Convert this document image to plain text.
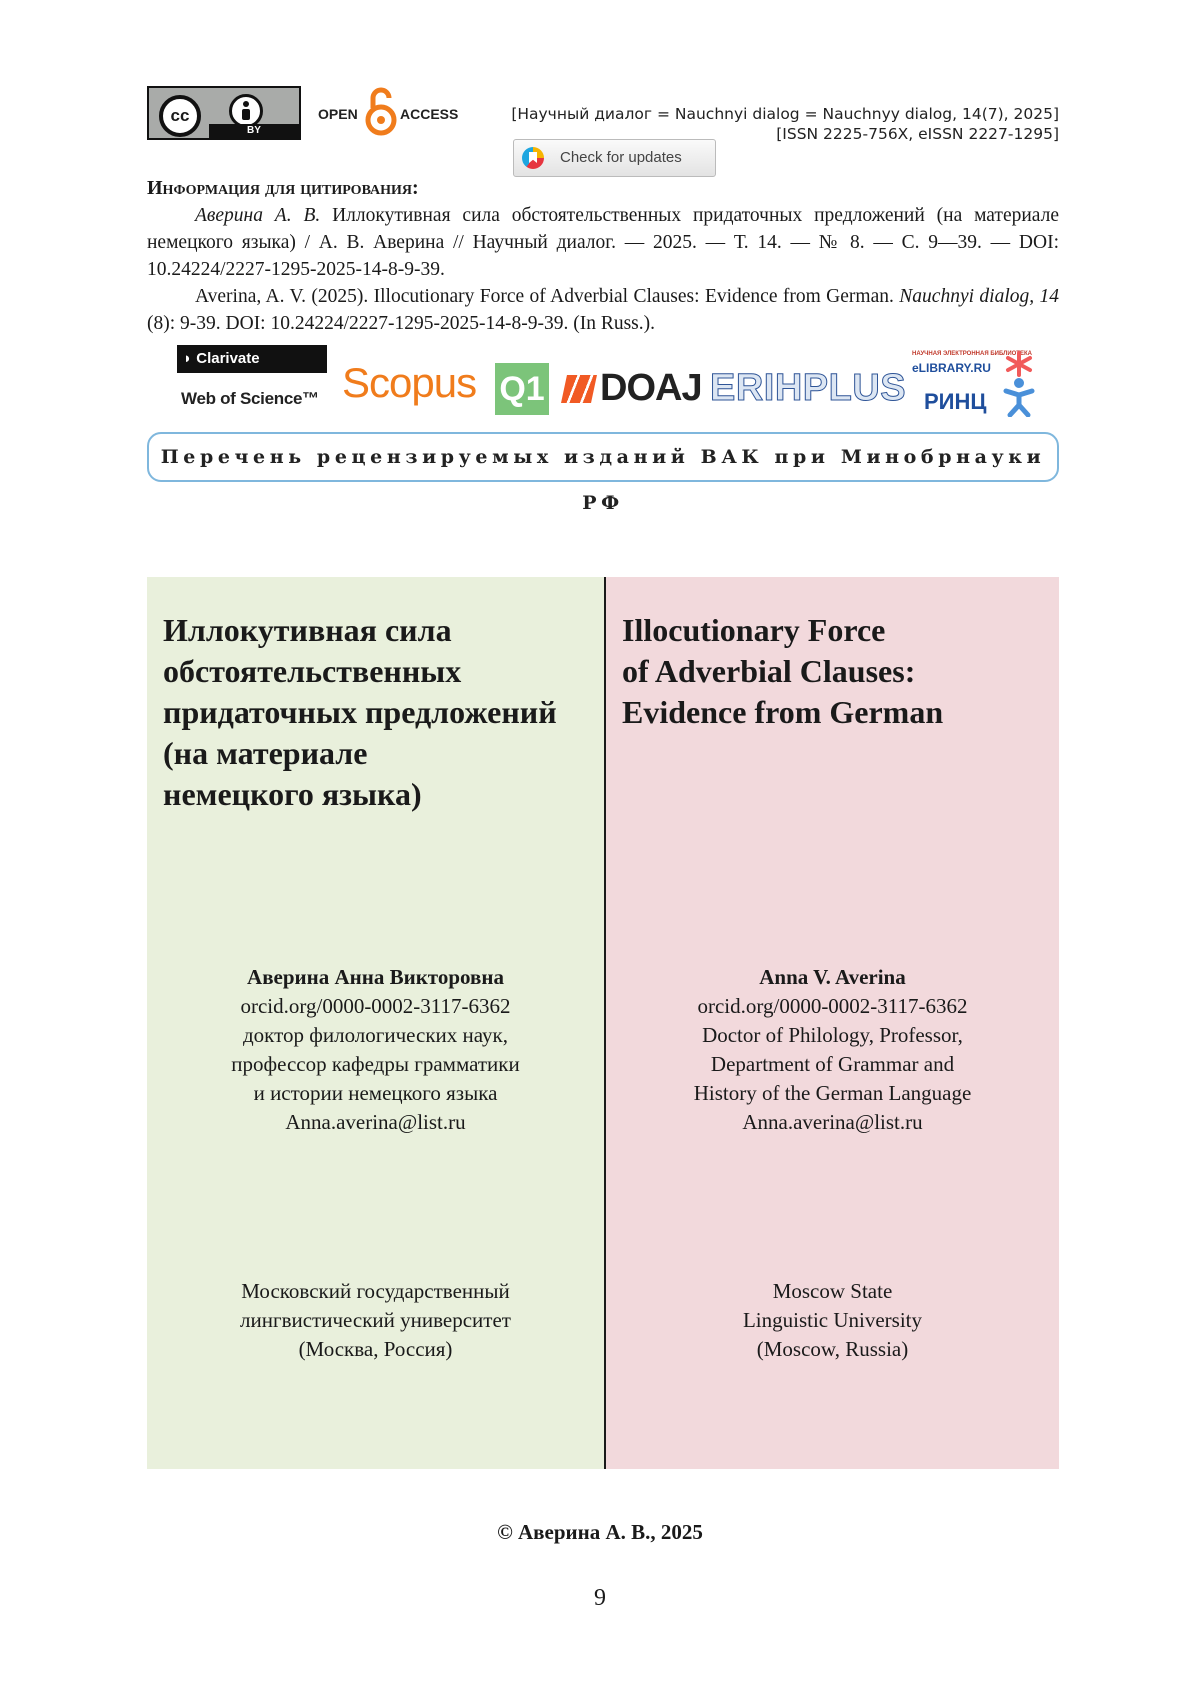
cc
BY
OPEN	ACCESS	[Научный диалог = Nauchnyi dialog = Nauchnyy dialog, 14(7), 2025]
[ISSN 2225-756X, eISSN 2227-1295]
Check for updates
Информация для цитирования:

Аверина А. В. Иллокутивная сила обстоятельственных придаточных предложений (на материале немецкого языка) / А. В. Аверина // Научный диалог. — 2025. — Т. 14. — № 8. — С. 9—39. — DOI: 10.24224/2227-1295-2025-14-8-9-39.

Averina, A. V. (2025). Illocutionary Force of Adverbial Clauses: Evidence from German. Nauchnyi dialog, 14 (8): 9-39. DOI: 10.24224/2227-1295-2025-14-8-9-39. (In Russ.).

◗ Clarivate
Web of Science™ Scopus Q1	DOAJ ERIHPLUS
НАУЧНАЯ ЭЛЕКТРОННАЯ БИБЛИОТЕКА
eLIBRARY.RU
РИНЦ
Перечень рецензируемых изданий ВАК при Минобрнауки РФ
Иллокутивная сила
обстоятельственных
придаточных предложений
(на материале
немецкого языка)
Аверина Анна Викторовна
orcid.org/0000-0002-3117-6362
доктор филологических наук,
профессор кафедры грамматики
и истории немецкого языка
Anna.averina@list.ru
Московский государственный
лингвистический университет
(Москва, Россия)
Illocutionary Force
of Adverbial Clauses:
Evidence from German
Anna V. Averina
orcid.org/0000-0002-3117-6362
Doctor of Philology, Professor,
Department of Grammar and
History of the German Language
Anna.averina@list.ru
Moscow State
Linguistic University
(Moscow, Russia)
© Аверина А. В., 2025
9
